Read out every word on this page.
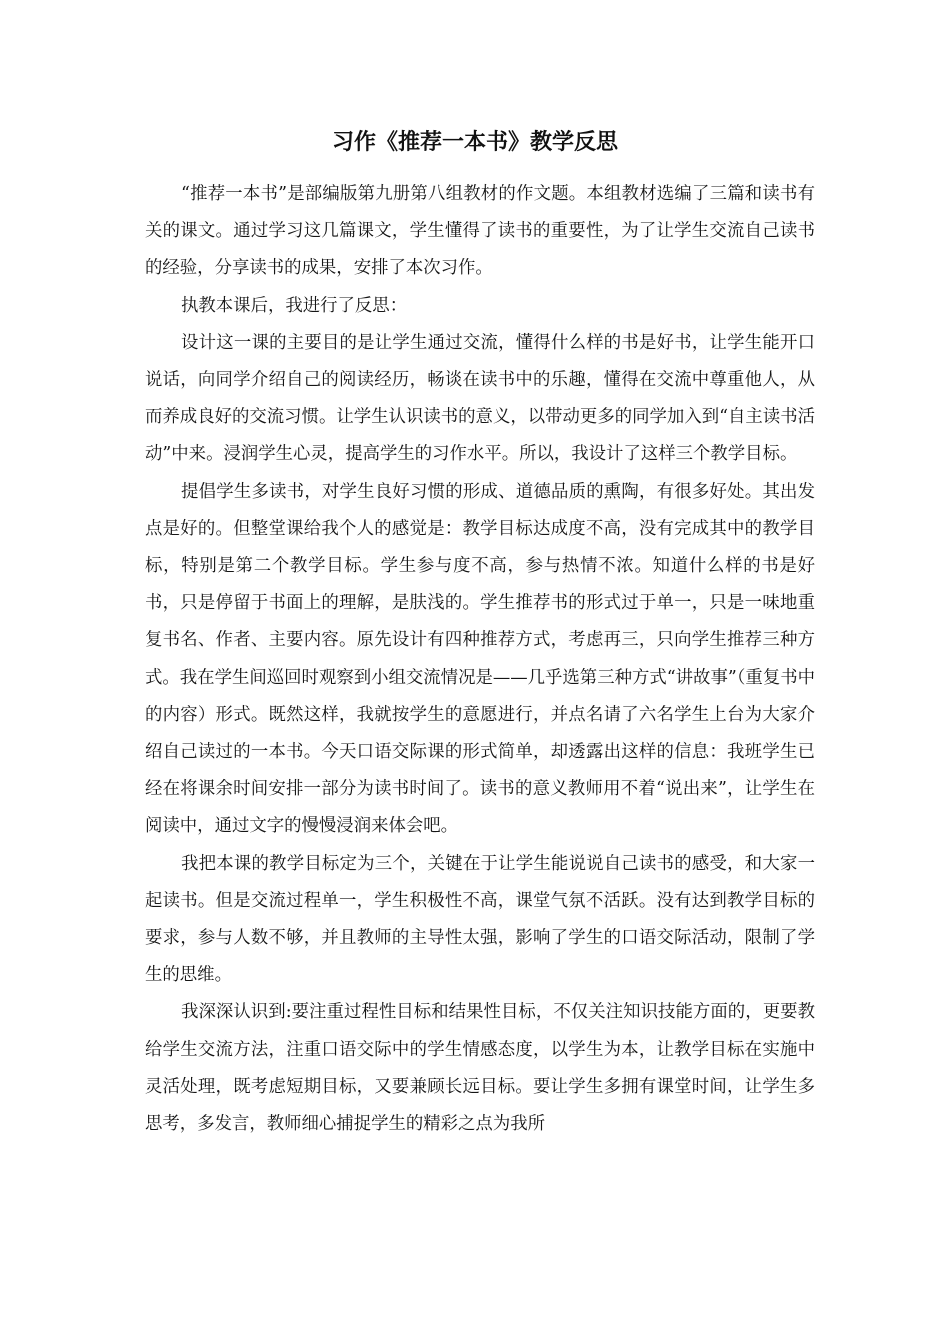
习作《推荐一本书》教学反思

“推荐一本书”是部编版第九册第八组教材的作文题。本组教材选编了三篇和读书有关的课文。通过学习这几篇课文，学生懂得了读书的重要性，为了让学生交流自己读书的经验，分享读书的成果，安排了本次习作。

执教本课后，我进行了反思：

设计这一课的主要目的是让学生通过交流，懂得什么样的书是好书，让学生能开口说话，向同学介绍自己的阅读经历，畅谈在读书中的乐趣，懂得在交流中尊重他人，从而养成良好的交流习惯。让学生认识读书的意义，以带动更多的同学加入到“自主读书活动”中来。浸润学生心灵，提高学生的习作水平。所以，我设计了这样三个教学目标。

提倡学生多读书，对学生良好习惯的形成、道德品质的熏陶，有很多好处。其出发点是好的。但整堂课给我个人的感觉是：教学目标达成度不高，没有完成其中的教学目标，特别是第二个教学目标。学生参与度不高，参与热情不浓。知道什么样的书是好书，只是停留于书面上的理解，是肤浅的。学生推荐书的形式过于单一，只是一味地重复书名、作者、主要内容。原先设计有四种推荐方式，考虑再三，只向学生推荐三种方式。我在学生间巡回时观察到小组交流情况是——几乎选第三种方式“讲故事”（重复书中的内容）形式。既然这样，我就按学生的意愿进行，并点名请了六名学生上台为大家介绍自己读过的一本书。今天口语交际课的形式简单，却透露出这样的信息：我班学生已经在将课余时间安排一部分为读书时间了。读书的意义教师用不着“说出来”，让学生在阅读中，通过文字的慢慢浸润来体会吧。

我把本课的教学目标定为三个，关键在于让学生能说说自己读书的感受，和大家一起读书。但是交流过程单一，学生积极性不高，课堂气氛不活跃。没有达到教学目标的要求，参与人数不够，并且教师的主导性太强，影响了学生的口语交际活动，限制了学生的思维。

我深深认识到:要注重过程性目标和结果性目标，不仅关注知识技能方面的，更要教给学生交流方法，注重口语交际中的学生情感态度，以学生为本，让教学目标在实施中灵活处理，既考虑短期目标，又要兼顾长远目标。要让学生多拥有课堂时间，让学生多思考，多发言，教师细心捕捉学生的精彩之点为我所
